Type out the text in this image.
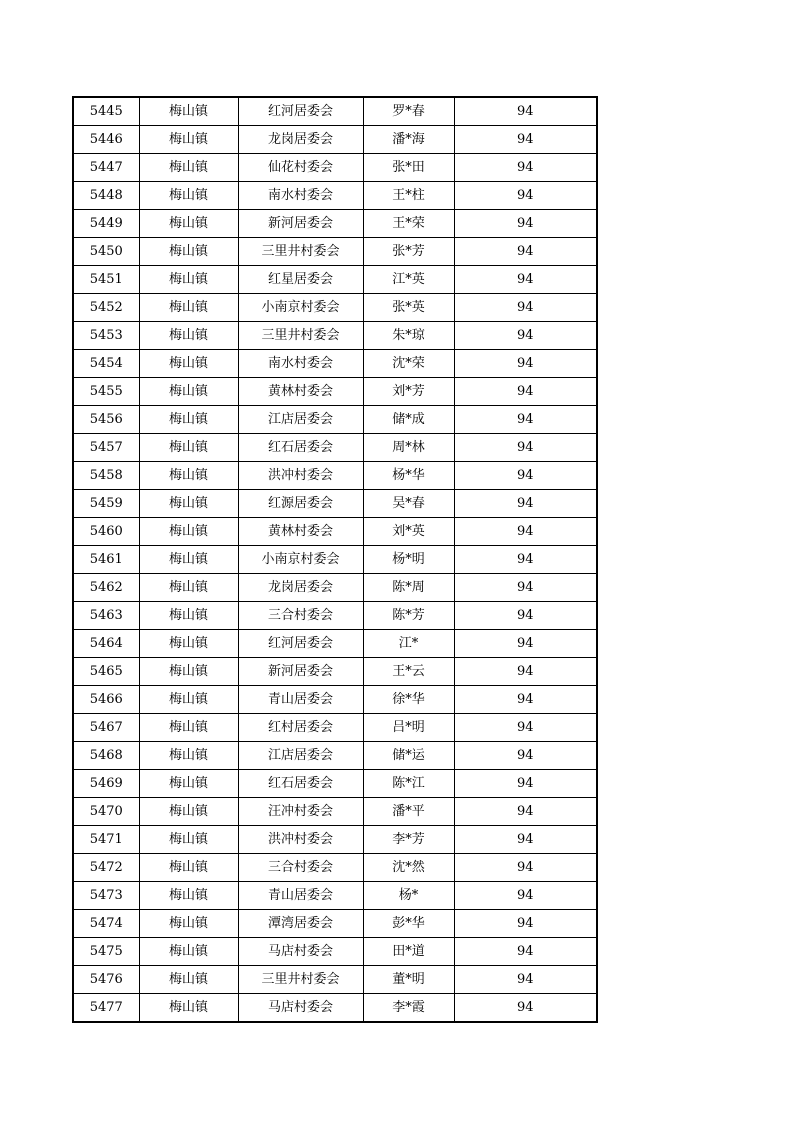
5445	梅山镇	红河居委会	罗*春	94
5446	梅山镇	龙岗居委会	潘*海	94
5447	梅山镇	仙花村委会	张*田	94
5448	梅山镇	南水村委会	王*柱	94
5449	梅山镇	新河居委会	王*荣	94
5450	梅山镇	三里井村委会	张*芳	94
5451	梅山镇	红星居委会	江*英	94
5452	梅山镇	小南京村委会	张*英	94
5453	梅山镇	三里井村委会	朱*琼	94
5454	梅山镇	南水村委会	沈*荣	94
5455	梅山镇	黄林村委会	刘*芳	94
5456	梅山镇	江店居委会	储*成	94
5457	梅山镇	红石居委会	周*林	94
5458	梅山镇	洪冲村委会	杨*华	94
5459	梅山镇	红源居委会	吴*春	94
5460	梅山镇	黄林村委会	刘*英	94
5461	梅山镇	小南京村委会	杨*明	94
5462	梅山镇	龙岗居委会	陈*周	94
5463	梅山镇	三合村委会	陈*芳	94
5464	梅山镇	红河居委会	江*	94
5465	梅山镇	新河居委会	王*云	94
5466	梅山镇	青山居委会	徐*华	94
5467	梅山镇	红村居委会	吕*明	94
5468	梅山镇	江店居委会	储*运	94
5469	梅山镇	红石居委会	陈*江	94
5470	梅山镇	汪冲村委会	潘*平	94
5471	梅山镇	洪冲村委会	李*芳	94
5472	梅山镇	三合村委会	沈*然	94
5473	梅山镇	青山居委会	杨*	94
5474	梅山镇	潭湾居委会	彭*华	94
5475	梅山镇	马店村委会	田*道	94
5476	梅山镇	三里井村委会	董*明	94
5477	梅山镇	马店村委会	李*霞	94
